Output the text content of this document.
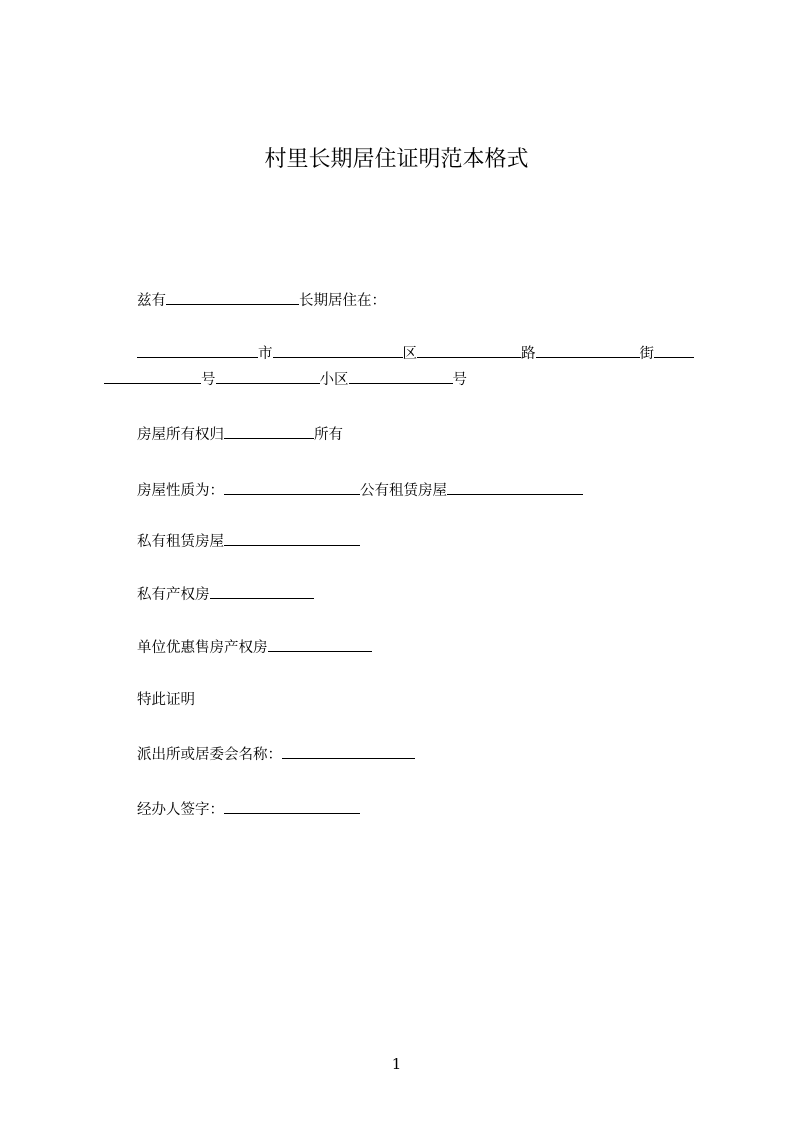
村里长期居住证明范本格式
兹有	长期居住在：
市	区	路	街
号	小区	号
房屋所有权归	所有
房屋性质为：	公有租赁房屋
私有租赁房屋
私有产权房
单位优惠售房产权房
特此证明
派出所或居委会名称：
经办人签字：
1
